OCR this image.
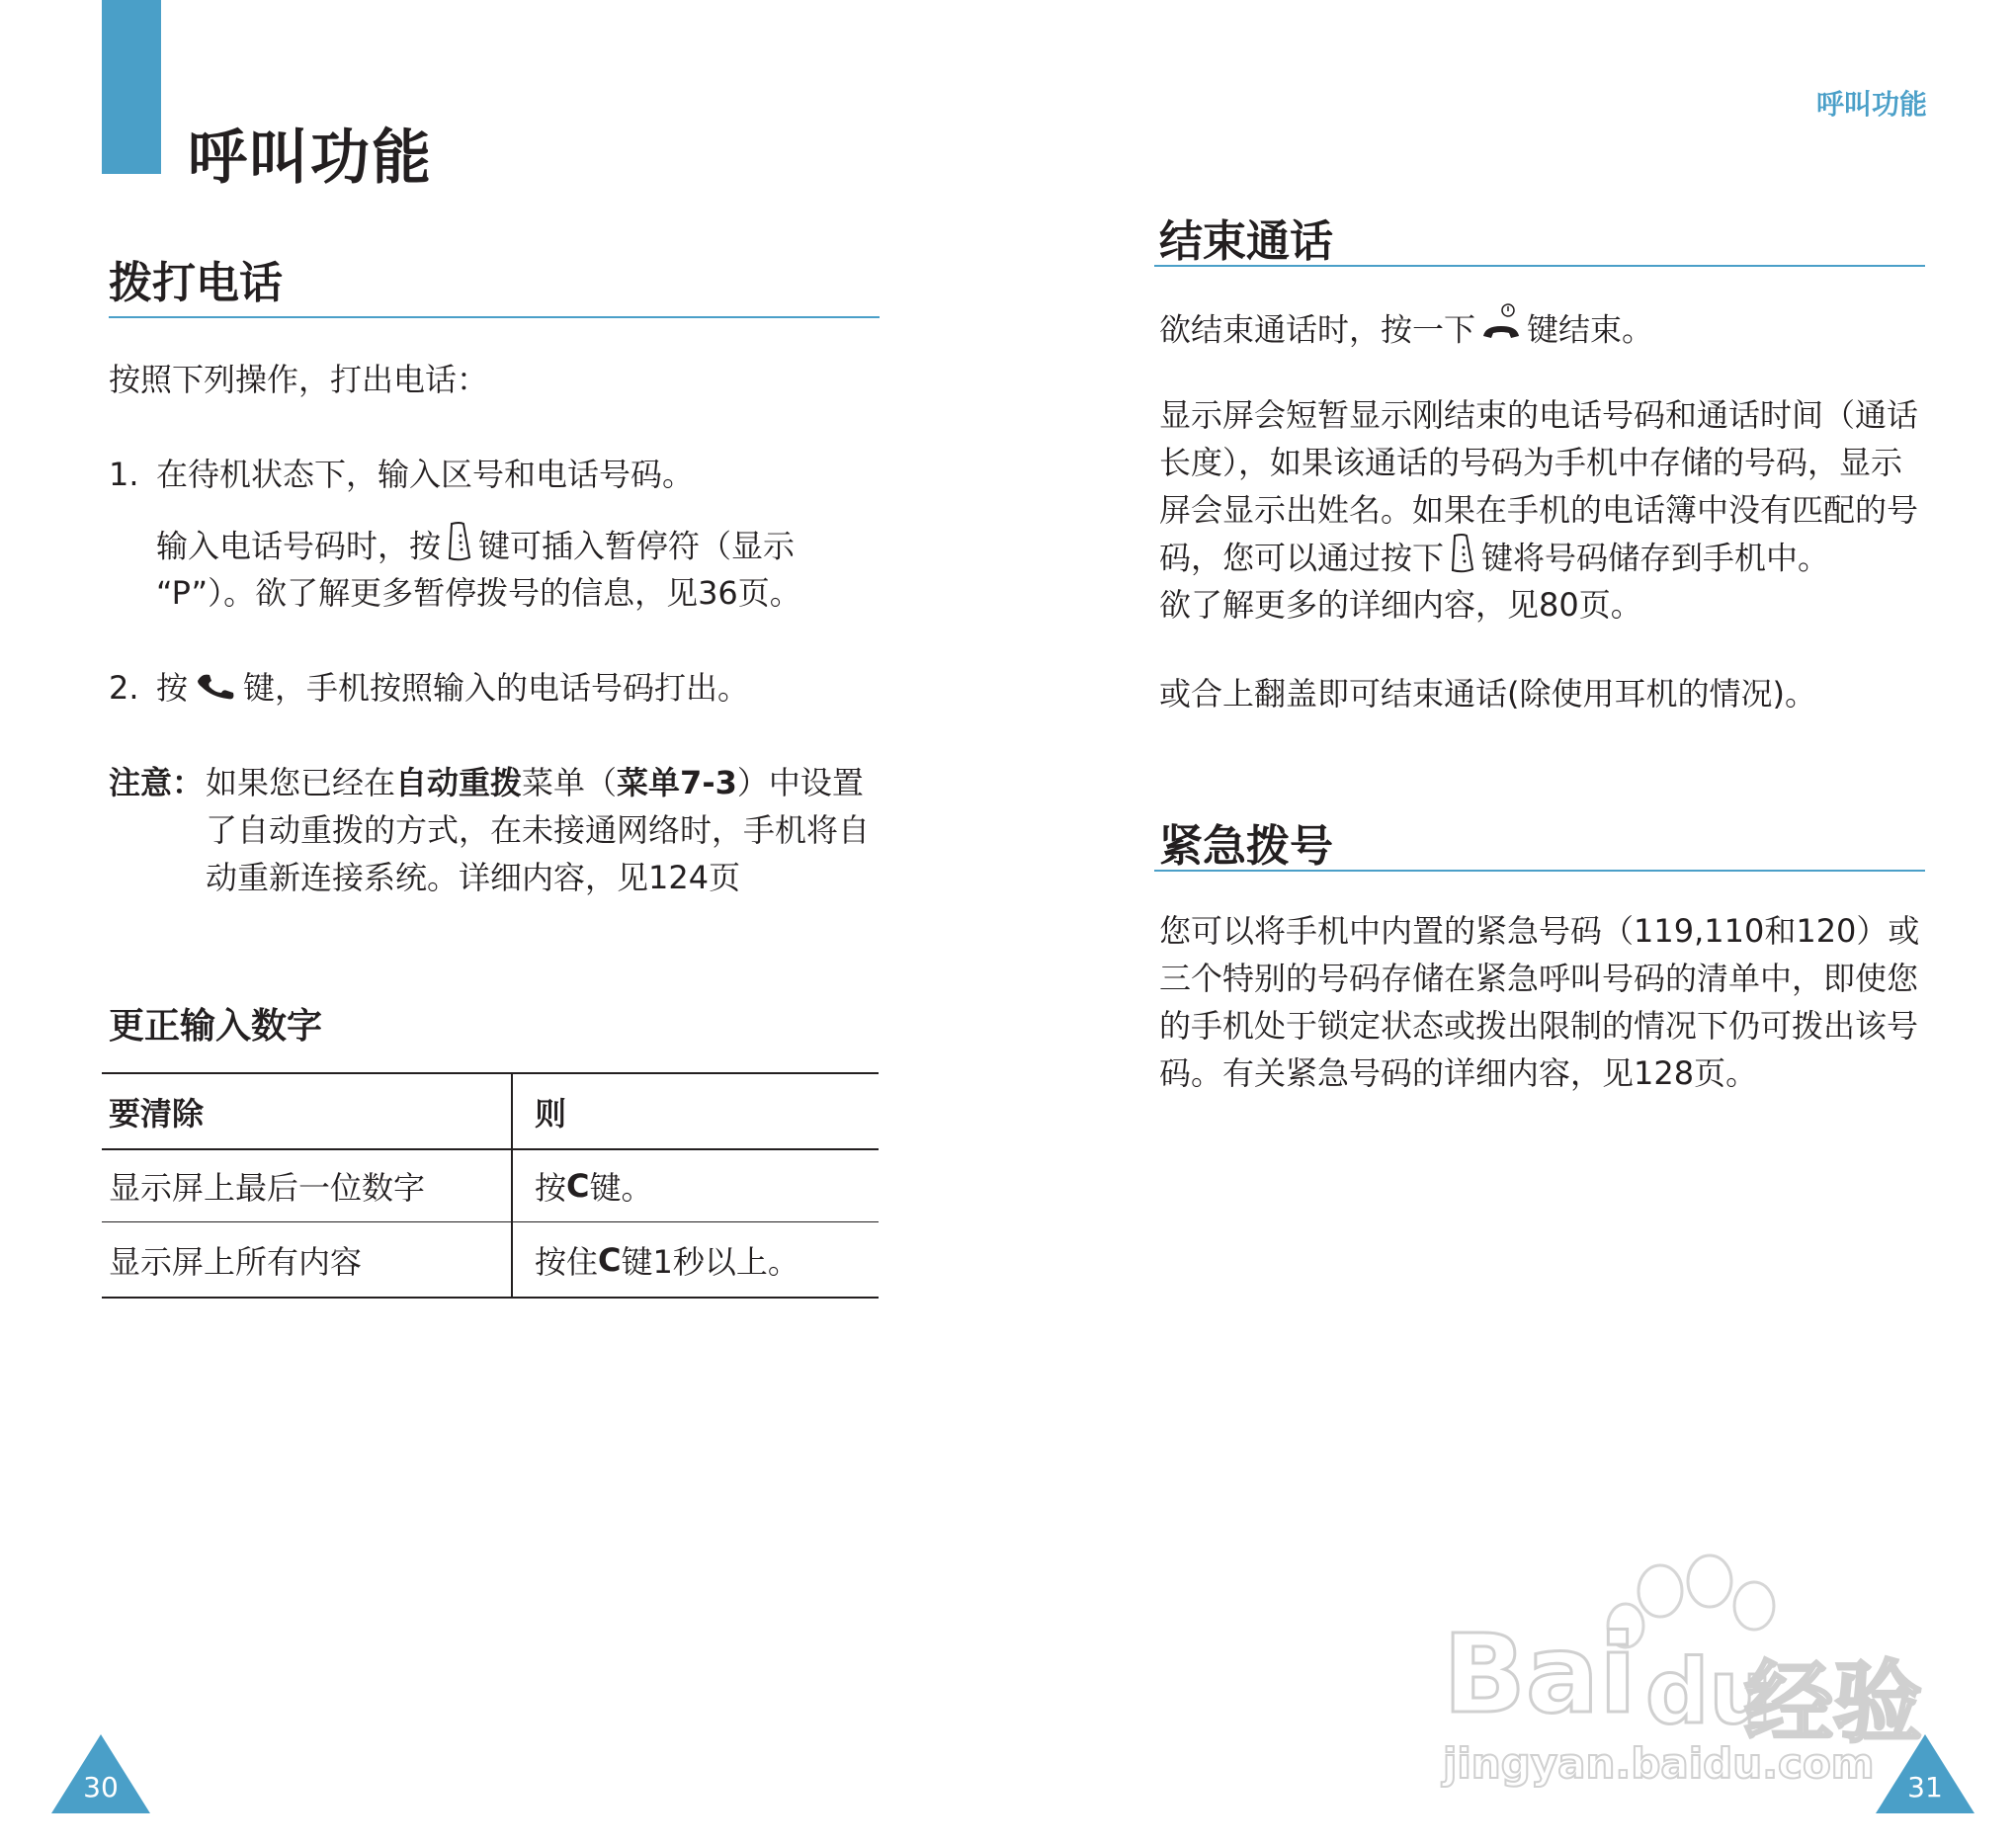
呼叫功能
呼叫功能
拨打电话

按照下列操作，打出电话：

1. 在待机状态下，输入区号和电话号码。

输入电话号码时，按 键可插入暂停符（显示

“P”）。欲了解更多暂停拨号的信息，见36页。

2. 按 键，手机按照输入的电话号码打出。

注意： 如果您已经在自动重拨菜单（菜单7-3）中设置

了自动重拨的方式，在未接通网络时，手机将自

动重新连接系统。详细内容，见124页

更正输入数字
要清除	则
显示屏上最后一位数字	按 C 键。
显示屏上所有内容	按住 C 键1秒以上。
30
结束通话

欲结束通话时，按一下 键结束。

显示屏会短暂显示刚结束的电话号码和通话时间（通话

长度），如果该通话的号码为手机中存储的号码，显示

屏会显示出姓名。如果在手机的电话簿中没有匹配的号

码，您可以通过按下 键将号码储存到手机中。

欲了解更多的详细内容，见80页。

或合上翻盖即可结束通话(除使用耳机的情况)。

紧急拨号

您可以将手机中内置的紧急号码（119,110和120）或

三个特别的号码存储在紧急呼叫号码的清单中，即使您

的手机处于锁定状态或拨出限制的情况下仍可拨出该号

码。有关紧急号码的详细内容，见128页。

31
Bai du
经验
jingyan.baidu.com
